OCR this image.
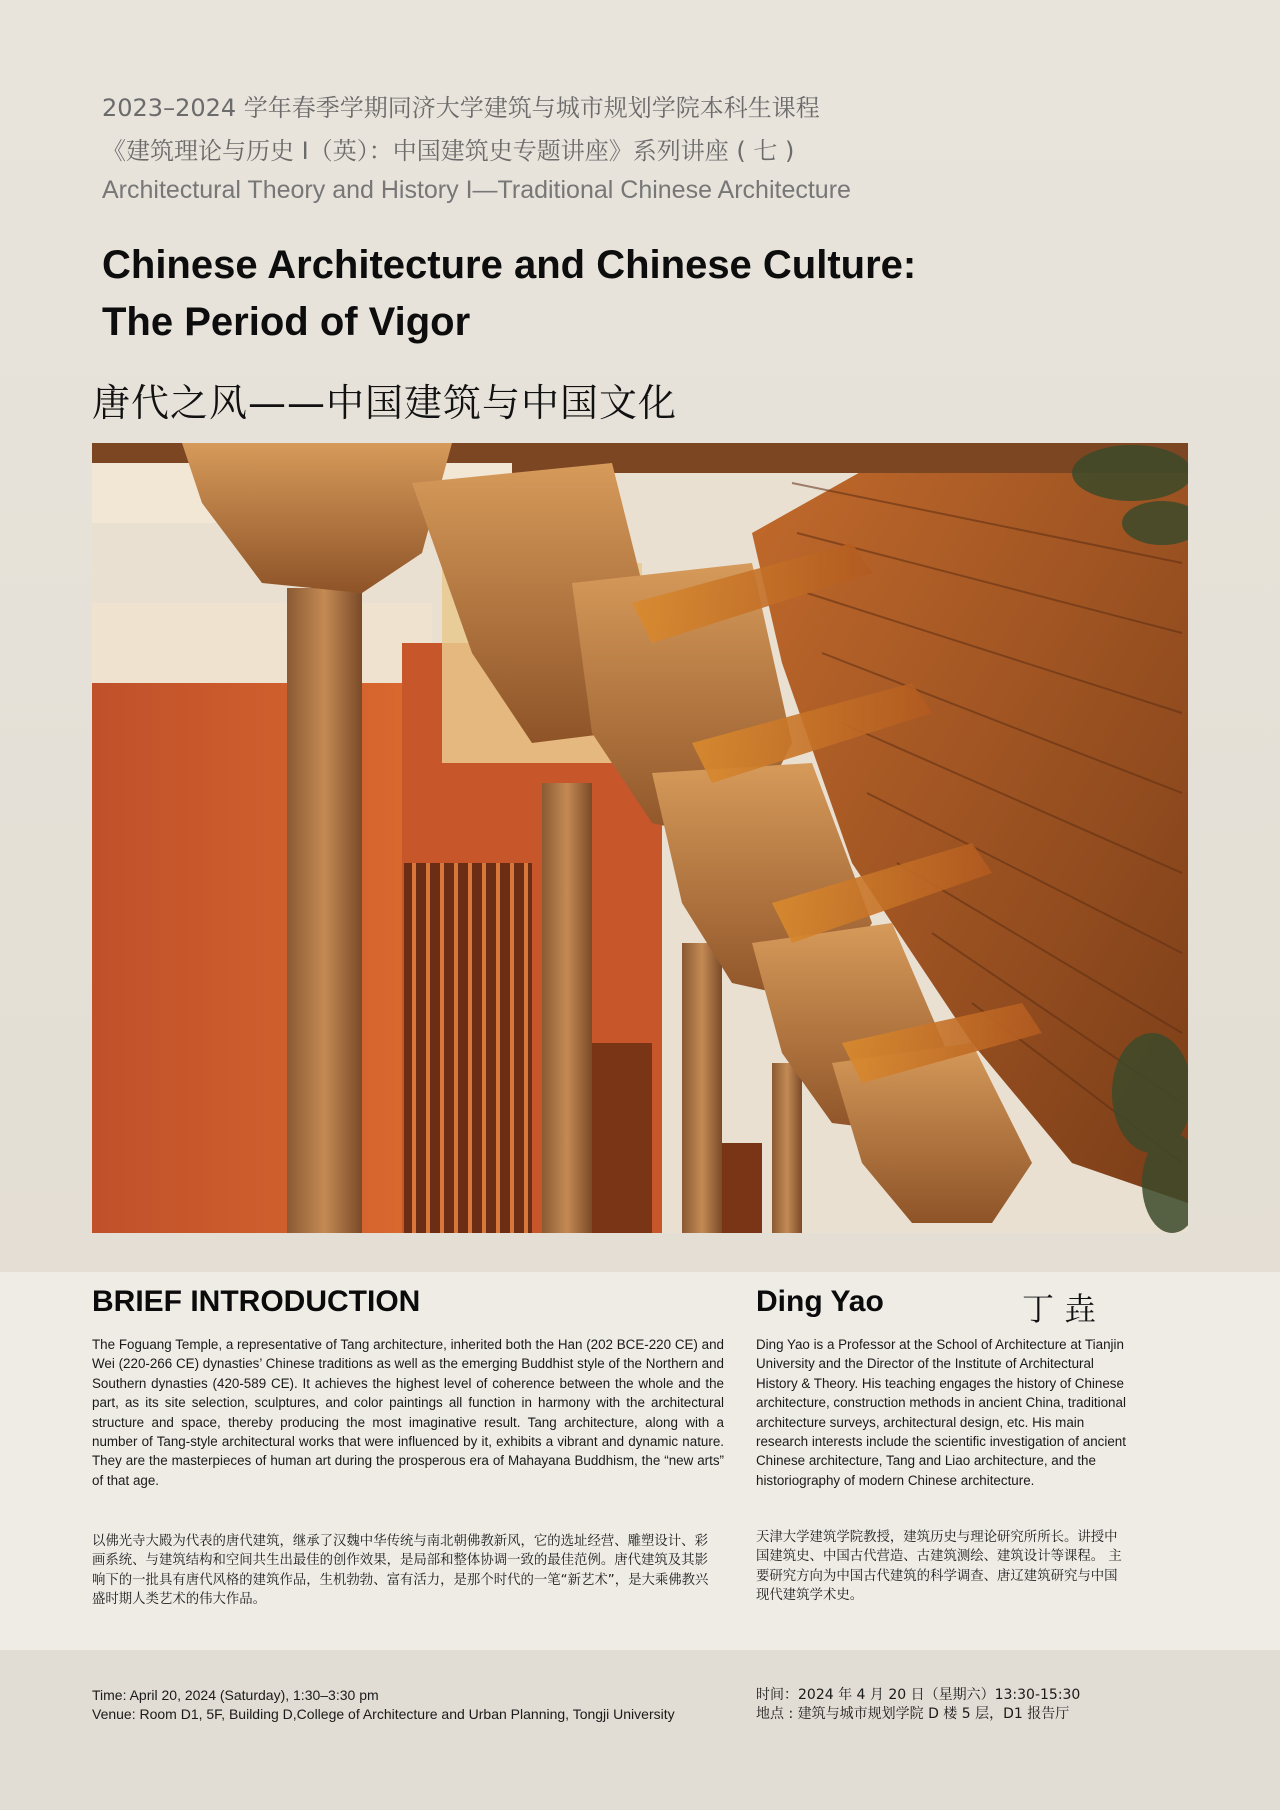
2023–2024 学年春季学期同济大学建筑与城市规划学院本科生课程
《建筑理论与历史 I（英）：中国建筑史专题讲座》系列讲座 ( 七 )
Architectural Theory and History I—Traditional Chinese Architecture
Chinese Architecture and Chinese Culture:
The Period of Vigor
唐代之风——中国建筑与中国文化
BRIEF INTRODUCTION
The Foguang Temple, a representative of Tang architecture, inherited both the Han (202 BCE-220 CE) and Wei (220-266 CE) dynasties’ Chinese traditions as well as the emerging Buddhist style of the Northern and Southern dynasties (420-589 CE). It achieves the highest level of coherence between the whole and the part, as its site selection, sculptures, and color paintings all function in harmony with the architectural structure and space, thereby producing the most imaginative result. Tang architecture, along with a number of Tang-style architectural works that were influenced by it, exhibits a vibrant and dynamic nature. They are the masterpieces of human art during the prosperous era of Mahayana Buddhism, the “new arts” of that age.
以佛光寺大殿为代表的唐代建筑，继承了汉魏中华传统与南北朝佛教新风，它的选址经营、雕塑设计、彩画系统、与建筑结构和空间共生出最佳的创作效果，是局部和整体协调一致的最佳范例。唐代建筑及其影响下的一批具有唐代风格的建筑作品，生机勃勃、富有活力，是那个时代的一笔“新艺术”，是大乘佛教兴盛时期人类艺术的伟大作品。
Ding Yao	丁垚
Ding Yao is a Professor at the School of Architecture at Tianjin University and the Director of the Institute of Architectural History & Theory. His teaching engages the history of Chinese architecture, construction methods in ancient China, traditional architecture surveys, architectural design, etc. His main research interests include the scientific investigation of ancient Chinese architecture, Tang and Liao architecture, and the historiography of modern Chinese architecture.
天津大学建筑学院教授，建筑历史与理论研究所所长。讲授中国建筑史、中国古代营造、古建筑测绘、建筑设计等课程。 主要研究方向为中国古代建筑的科学调查、唐辽建筑研究与中国现代建筑学术史。
Time: April 20, 2024 (Saturday), 1:30–3:30 pm
Venue: Room D1, 5F, Building D,College of Architecture and Urban Planning, Tongji University
时间：2024 年 4 月 20 日（星期六）13:30-15:30
地点 : 建筑与城市规划学院 D 楼 5 层，D1 报告厅
